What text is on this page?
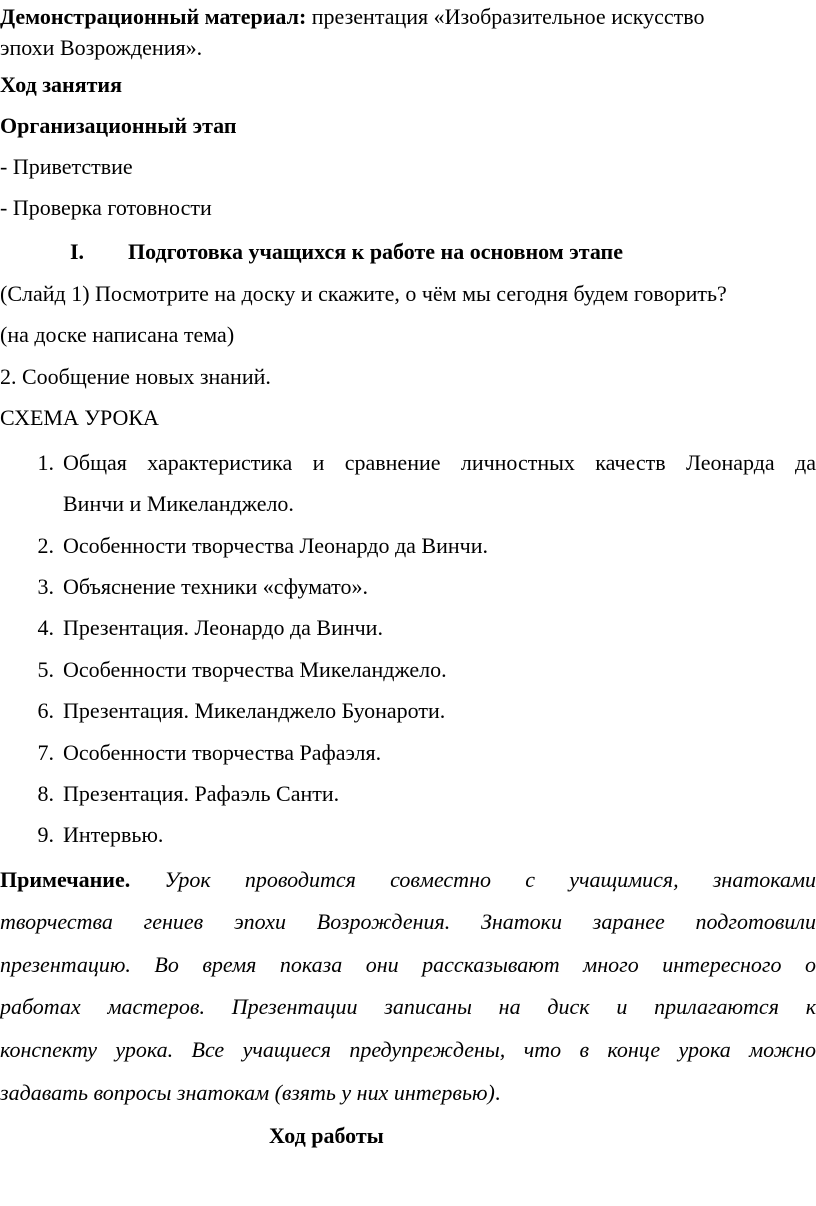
Демонстрационный материал: презентация «Изобразительное искусство
эпохи Возрождения».
Ход занятия
Организационный этап
- Приветствие
- Проверка готовности
I. Подготовка учащихся к работе на основном этапе
(Слайд 1) Посмотрите на доску и скажите, о чём мы сегодня будем говорить?
(на доске написана тема)
2. Сообщение новых знаний.
СХЕМА УРОКА
1. Общая характеристика и сравнение личностных качеств Леонарда да
Винчи и Микеланджело.
2. Особенности творчества Леонардо да Винчи.
3. Объяснение техники «сфумато».
4. Презентация. Леонардо да Винчи.
5. Особенности творчества Микеланджело.
6. Презентация. Микеланджело Буонароти.
7. Особенности творчества Рафаэля.
8. Презентация. Рафаэль Санти.
9. Интервью.
Примечание. Урок проводится совместно с учащимися, знатоками
творчества гениев эпохи Возрождения. Знатоки заранее подготовили
презентацию. Во время показа они рассказывают много интересного о
работах мастеров. Презентации записаны на диск и прилагаются к
конспекту урока. Все учащиеся предупреждены, что в конце урока можно
задавать вопросы знатокам (взять у них интервью).
Ход работы
